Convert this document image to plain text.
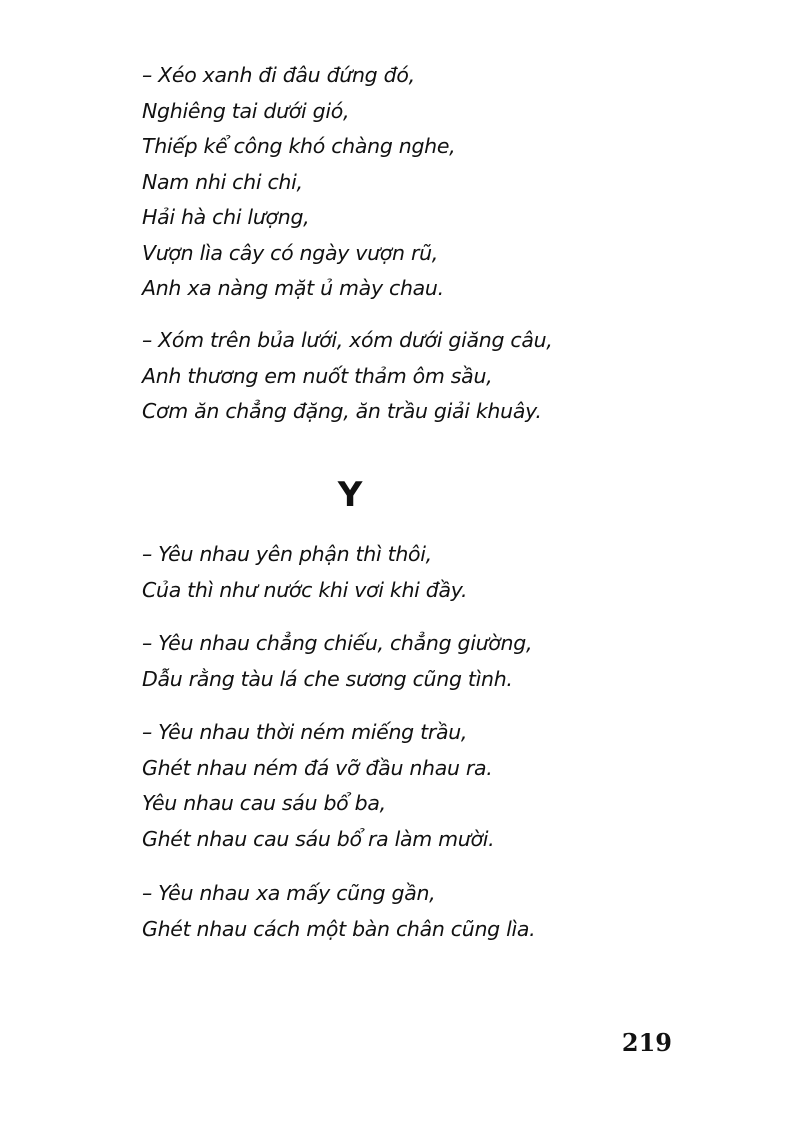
– Xéo xanh đi đâu đứng đó,
Nghiêng tai dưới gió,
Thiếp kể công khó chàng nghe,
Nam nhi chi chi,
Hải hà chi lượng,
Vượn lìa cây có ngày vượn rũ,
Anh xa nàng mặt ủ mày chau.
– Xóm trên bủa lưới, xóm dưới giăng câu,
Anh thương em nuốt thảm ôm sầu,
Cơm ăn chẳng đặng, ăn trầu giải khuây.
Y
– Yêu nhau yên phận thì thôi,
Của thì như nước khi vơi khi đầy.
– Yêu nhau chẳng chiếu, chẳng giường,
Dẫu rằng tàu lá che sương cũng tình.
– Yêu nhau thời ném miếng trầu,
Ghét nhau ném đá vỡ đầu nhau ra.
Yêu nhau cau sáu bổ ba,
Ghét nhau cau sáu bổ ra làm mười.
– Yêu nhau xa mấy cũng gần,
Ghét nhau cách một bàn chân cũng lìa.
219
